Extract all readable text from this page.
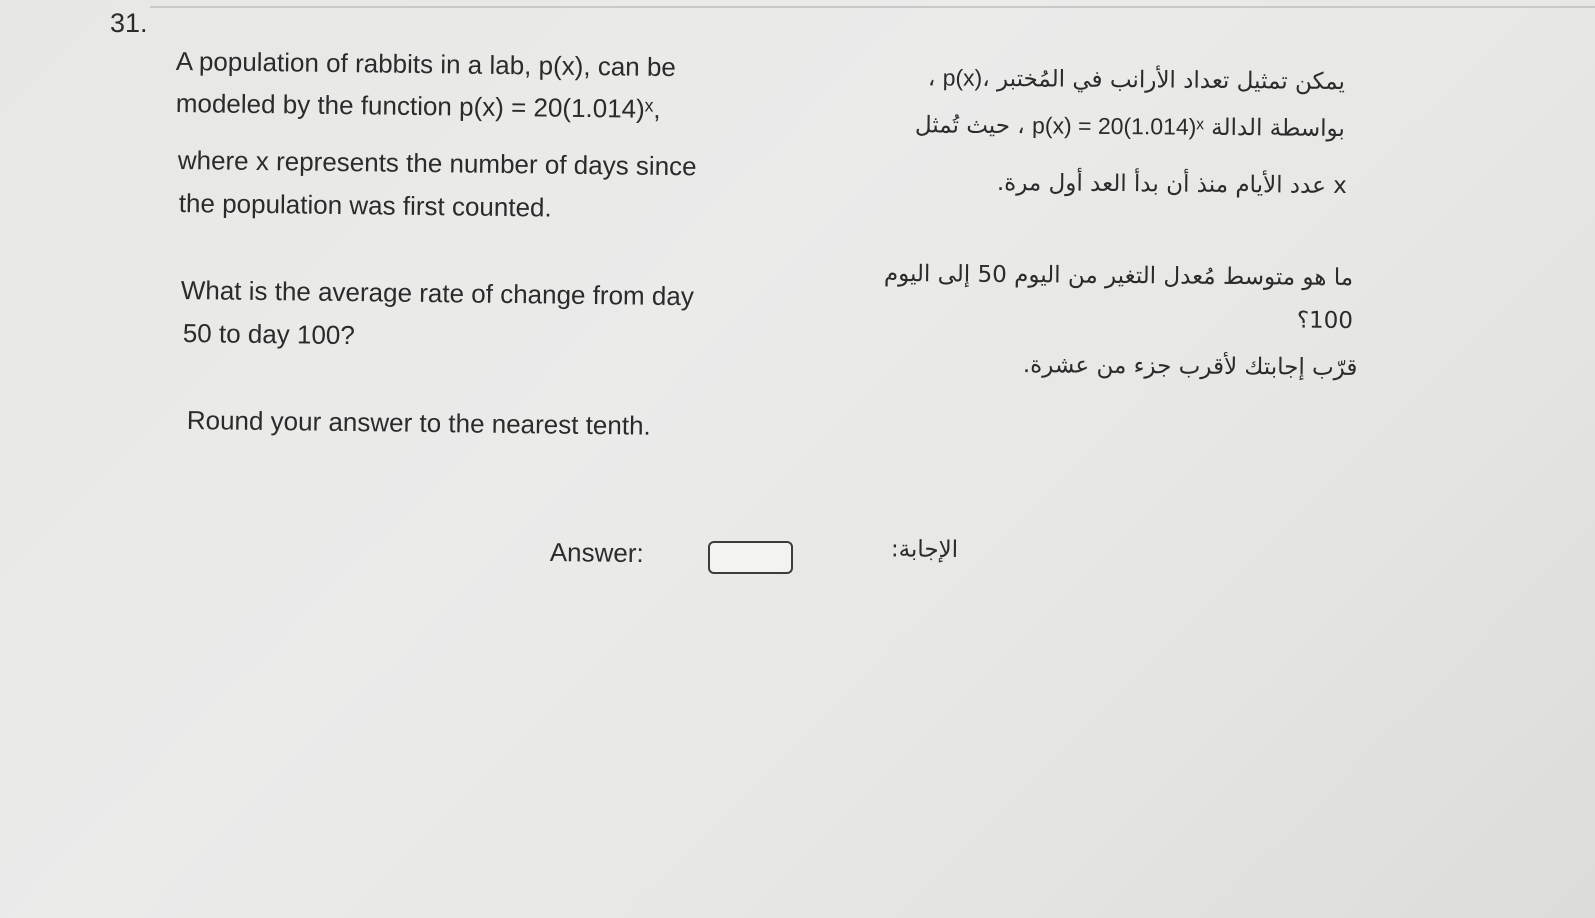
31.
A population of rabbits in a lab, p(x), can be
modeled by the function p(x) = 20(1.014)ˣ,
where x represents the number of days since
the population was first counted.
What is the average rate of change from day
50 to day 100?
Round your answer to the nearest tenth.
يمكن تمثيل تعداد الأرانب في المُختبر p(x)، ،
بواسطة الدالة p(x) = 20(1.014)ˣ ، حيث تُمثل
x عدد الأيام منذ أن بدأ العد أول مرة.
ما هو متوسط مُعدل التغير من اليوم 50 إلى اليوم
100؟
قرّب إجابتك لأقرب جزء من عشرة.
Answer:	الإجابة:
